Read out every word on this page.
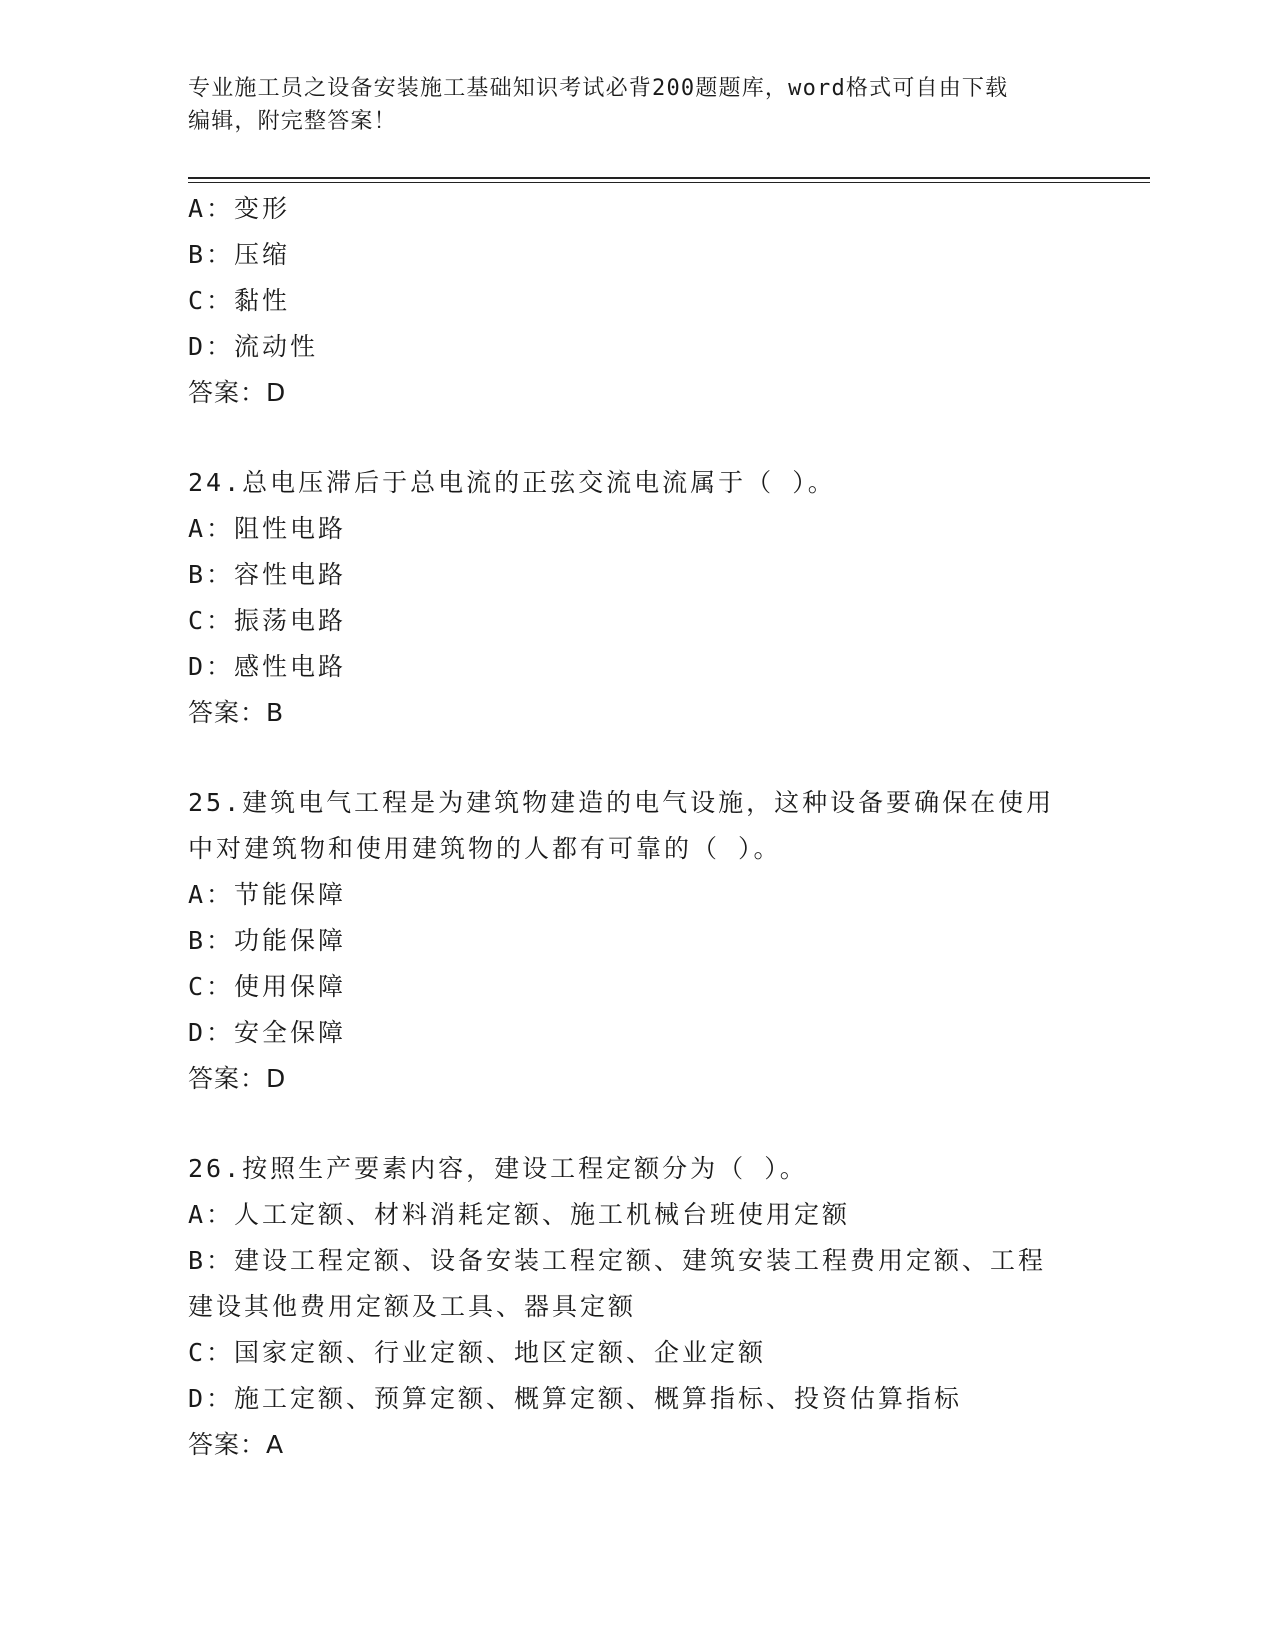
专业施工员之设备安装施工基础知识考试必背200题题库，word格式可自由下载
编辑，附完整答案！
A：变形
B：压缩
C：黏性
D：流动性
答案：D
24.总电压滞后于总电流的正弦交流电流属于（ ）。
A：阻性电路
B：容性电路
C：振荡电路
D：感性电路
答案：B
25.建筑电气工程是为建筑物建造的电气设施，这种设备要确保在使用
中对建筑物和使用建筑物的人都有可靠的（ ）。
A：节能保障
B：功能保障
C：使用保障
D：安全保障
答案：D
26.按照生产要素内容，建设工程定额分为（ ）。
A：人工定额、材料消耗定额、施工机械台班使用定额
B：建设工程定额、设备安装工程定额、建筑安装工程费用定额、工程
建设其他费用定额及工具、器具定额
C：国家定额、行业定额、地区定额、企业定额
D：施工定额、预算定额、概算定额、概算指标、投资估算指标
答案：A
